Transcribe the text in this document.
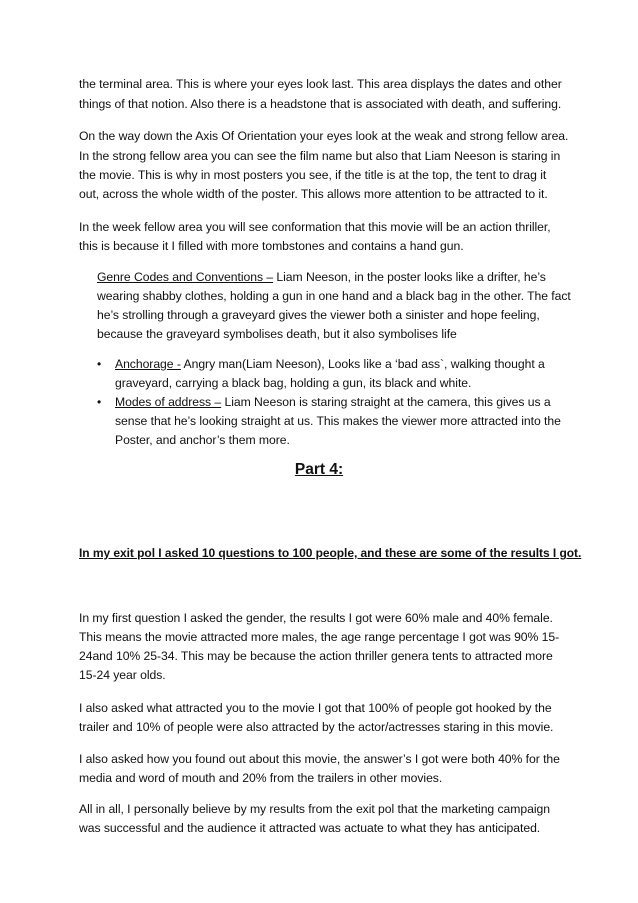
the terminal area. This is where your eyes look last. This area displays the dates and other
things of that notion. Also there is a headstone that is associated with death, and suffering.
On the way down the Axis Of Orientation your eyes look at the weak and strong fellow area.
In the strong fellow area you can see the film name but also that Liam Neeson is staring in
the movie. This is why in most posters you see, if the title is at the top, the tent to drag it
out, across the whole width of the poster. This allows more attention to be attracted to it.
In the week fellow area you will see conformation that this movie will be an action thriller,
this is because it I filled with more tombstones and contains a hand gun.
Genre Codes and Conventions – Liam Neeson, in the poster looks like a drifter, he’s
wearing shabby clothes, holding a gun in one hand and a black bag in the other. The fact
he’s strolling through a graveyard gives the viewer both a sinister and hope feeling,
because the graveyard symbolises death, but it also symbolises life
• Anchorage - Angry man(Liam Neeson), Looks like a ‘bad ass`, walking thought a
graveyard, carrying a black bag, holding a gun, its black and white.
• Modes of address – Liam Neeson is staring straight at the camera, this gives us a
sense that he’s looking straight at us. This makes the viewer more attracted into the
Poster, and anchor’s them more.
Part 4:
In my exit pol I asked 10 questions to 100 people, and these are some of the results I got.
In my first question I asked the gender, the results I got were 60% male and 40% female.
This means the movie attracted more males, the age range percentage I got was 90% 15-
24and 10% 25-34. This may be because the action thriller genera tents to attracted more
15-24 year olds.
I also asked what attracted you to the movie I got that 100% of people got hooked by the
trailer and 10% of people were also attracted by the actor/actresses staring in this movie.
I also asked how you found out about this movie, the answer’s I got were both 40% for the
media and word of mouth and 20% from the trailers in other movies.
All in all, I personally believe by my results from the exit pol that the marketing campaign
was successful and the audience it attracted was actuate to what they has anticipated.
